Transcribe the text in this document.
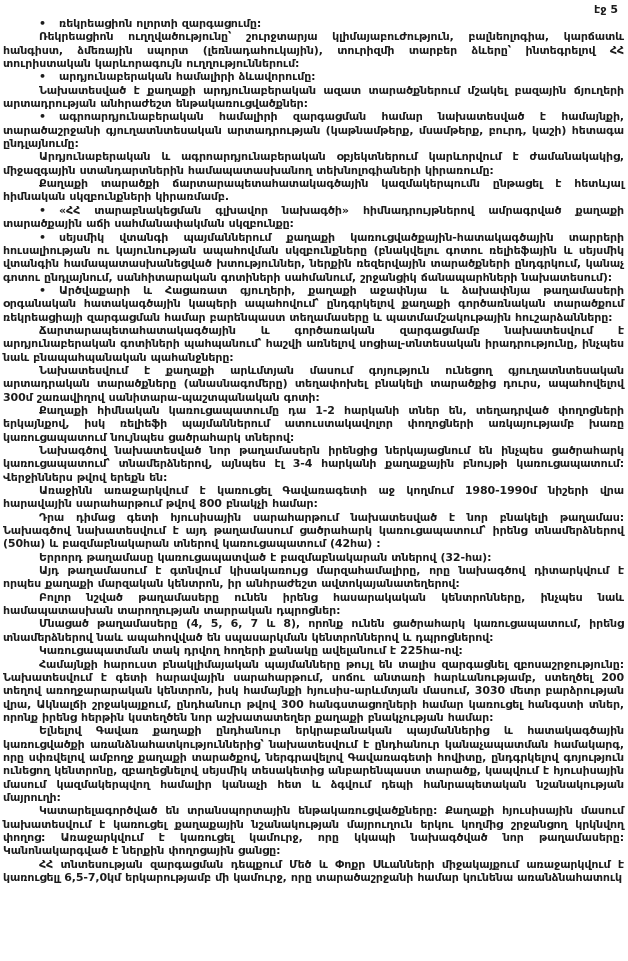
էջ 5

• ռեկրեացիոն ոլորտի զարգացումը:

Ռեկրեացիոն ուղղվածությունը՝ շուրջտարյա կլիմայաբուժություն, բալնեոլոգիա, կարճատև հանգիստ, ձմեռային սպորտ (լեռնադահուկային), տուրիզմի տարբեր ձևերը՝ ինտեգրելով ՀՀ տուրիստական կարևորագույն ուղղություններում:

• արդյունաբերական համալիրի ձևավորումը:

Նախատեսված է քաղաքի արդյունաբերական ազատ տարածքներում մշակել բազային ճյուղերի արտադրության անհրաժեշտ ենթակառուցվածքներ:

• ագրոարդյունաբերական համալիրի զարգացման համար նախատեսված է համայնքի, տարածաշրջանի գյուղատնտեսական արտադրության (կաթնամթերք, մսամթերք, բուրդ, կաշի) հետագա ընդլայնումը:

Արդյունաբերական և ագրոարդյունաբերական օբյեկտներում կարևորվում է ժամանակակից, միջազգային ստանդարտներին համապատասխանող տեխնոլոգիաների կիրառումը:

Քաղաքի տարածքի ճարտարապետահատակագծային կազմակերպումն ընթացել է հետևյալ հիմնական սկզբունքների կիրառմամբ.

• «ՀՀ տարաբնակեցման գլխավոր նախագծի» հիմնադրույթներով ամրագրված քաղաքի տարածքային աճի սահմանափակման սկզբունքը:

• սեյսմիկ վտանգի պայմաններում քաղաքի կառուցվածքային-հատակագծային տարրերի հուսալիության ու կայունության ապահովման սկզբունքները (բնակվելու գոտու ռելիեֆային և սեյսմիկ վտանգին համապատասխանեցված խտություններ, ներքին ռեզերվային տարածքների ընդգրկում, կանաչ գոտու ընդլայնում, սանհիտարական գոտիների սահմանում, շրջանցիկ ճանապարհների նախատեսում):

• Արծվաքարի և Հացառատ գյուղերի, քաղաքի աջափնյա և ձախափնյա թաղամասերի օրգանական հատակագծային կապերի ապահովում՝ ընդգրկելով քաղաքի գործառնական տարածքում ռեկրեացիայի զարգացման համար բարենպաստ տեղամասերը և պատմամշակութային հուշարձանները:

Ճարտարապետահատակագծային և գործառական զարգացմամբ նախատեսվում է արդյունաբերական գոտիների պահպանում՝ հաշվի առնելով սոցիալ-տնտեսական իրադրությունը, ինչպես նաև բնապահպանական պահանջները:

Նախատեսվում է քաղաքի արևմտյան մասում գոյություն ունեցող գյուղատնտեսական արտադրական տարածքները (անասնագոմերը) տեղափոխել բնակելի տարածքից դուրս, ապահովելով 300մ շառավիղով սանիտարա-պաշտպանական գոտի:

Քաղաքի հիմնական կառուցապատումը դա 1-2 հարկանի տներ են, տեղադրված փողոցների երկայնքով, իսկ ռելիեֆի պայմաններում ատուստակավոլոր փողոցների առկայությամբ խառը կառուցապատում նույնպես ցածրահարկ տներով:

Նախագծով նախատեսված նոր թաղամասերն իրենցից ներկայացնում են ինչպես ցածրահարկ կառուցապատում՝ տնամերձներով, այնպես էլ 3-4 հարկանի քաղաքային բնույթի կառուցապատում: Վերջիններս թվով երեքն են:

Առաջինն առաջարկվում է կառուցել Գավառագետի աջ կողմում 1980-1990մ նիշերի վրա հարավային սարահարթում թվով 800 բնակչի համար:

Դրա դիմաց գետի հյուսիսային սարահարթում նախատեսված է նոր բնակելի թաղամաս: Նախագծով նախատեսվում է այդ թաղամասում ցածրահարկ կառուցապատում՝ իրենց տնամերձներով (50հա) և բազմաբնակարան տներով կառուցապատում (42հա) :

Երրորդ թաղամասը կառուցապատված է բազմաբնակարան տներով (32-հա):

Այդ թաղամասում է գտնվում կիսակառույց մարզահամալիրը, որը նախագծով դիտարկվում է որպես քաղաքի մարզական կենտրոն, իր անհրաժեշտ ավտոկայանատեղերով:

Բոլոր նշված թաղամասերը ունեն իրենց հասարակական կենտրոնները, ինչպես նաև համապատասխան տարողության տարրական դպրոցներ:

Մնացած թաղամասերը (4, 5, 6, 7 և 8), որոնք ունեն ցածրահարկ կառուցապատում, իրենց տնամերձներով նաև ապահովված են սպասարկման կենտրոններով և դպրոցներով:

Կառուցապատման տակ դրվող հողերի քանակը ավելանում է 225հա-ով:

Համայնքի հարուստ բնակլիմայական պայմանները թույլ են տալիս զարգացնել զբոսաշրջությունը: Նախատեսվում է գետի հարավային սարահարթում, սոճու անտառի հարևանությամբ, ստեղծել 200 տեղով առողջարարական կենտրոն, իսկ համայնքի հյուսիս-արևմտյան մասում, 3030 մետր բարձրության վրա, Ակնալճի շրջակայքում, ընդհանուր թվով 300 հանգստացողների համար կառուցել հանգստի տներ, որոնք իրենց հերթին կստեղծեն նոր աշխատատեղեր քաղաքի բնակչության համար:

Ելնելով Գավառ քաղաքի ընդհանուր երկրաբանական պայմաններից և հատակագծային կառուցվածքի առանձնահատկություններից՝ նախատեսվում է ընդհանուր կանաչապատման համակարգ, որը սփռվելով ամբողջ քաղաքի տարածքով, ներգրավելով Գավառագետի հովիտը, ընդգրկելով գոյություն ունեցող կենտրոնը, զբաղեցնելով սեյսմիկ տեսակետից անբարենպաստ տարածք, կապվում է հյուսիսային մասում կազմակերպվող համալիր կանաչի հետ և ձգվում դեպի հանրապետական նշանակության մայրուղի:

Կատարելագործված են տրանսպորտային ենթակառուցվածքները: Քաղաքի հյուսիսային մասում նախատեսվում է կառուցել քաղաքային նշանակության մայրուղուն երկու կողմից շրջանցող կրկնվող փողոց: Առաջարկվում է կառուցել կամուրջ, որը կկապի նախագծված նոր թաղամասերը: Կանոնակարգված է ներքին փողոցային ցանցը:

ՀՀ տնտեսության զարգացման դեպքում Մեծ և Փոքր Սևանների միջակայքում առաջարկվում է կառուցելլ 6,5-7,0կմ երկարությամբ մի կամուրջ, որը տարածաշրջանի համար կունենա առանձնահատուկ
